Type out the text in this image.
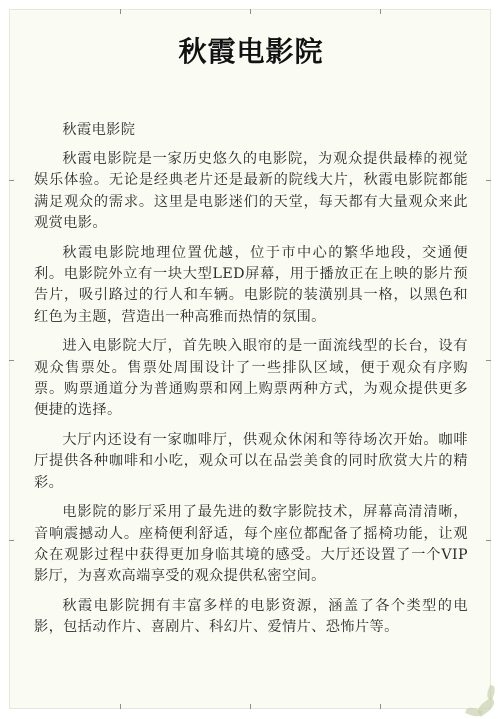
秋霞电影院

秋霞电影院

秋霞电影院是一家历史悠久的电影院，为观众提供最棒的视觉娱乐体验。无论是经典老片还是最新的院线大片，秋霞电影院都能满足观众的需求。这里是电影迷们的天堂，每天都有大量观众来此观赏电影。

秋霞电影院地理位置优越，位于市中心的繁华地段，交通便利。电影院外立有一块大型LED屏幕，用于播放正在上映的影片预告片，吸引路过的行人和车辆。电影院的装潢别具一格，以黑色和红色为主题，营造出一种高雅而热情的氛围。

进入电影院大厅，首先映入眼帘的是一面流线型的长台，设有观众售票处。售票处周围设计了一些排队区域，便于观众有序购票。购票通道分为普通购票和网上购票两种方式，为观众提供更多便捷的选择。

大厅内还设有一家咖啡厅，供观众休闲和等待场次开始。咖啡厅提供各种咖啡和小吃，观众可以在品尝美食的同时欣赏大片的精彩。

电影院的影厅采用了最先进的数字影院技术，屏幕高清清晰，音响震撼动人。座椅便利舒适，每个座位都配备了摇椅功能，让观众在观影过程中获得更加身临其境的感受。大厅还设置了一个VIP影厅，为喜欢高端享受的观众提供私密空间。

秋霞电影院拥有丰富多样的电影资源，涵盖了各个类型的电影，包括动作片、喜剧片、科幻片、爱情片、恐怖片等。
